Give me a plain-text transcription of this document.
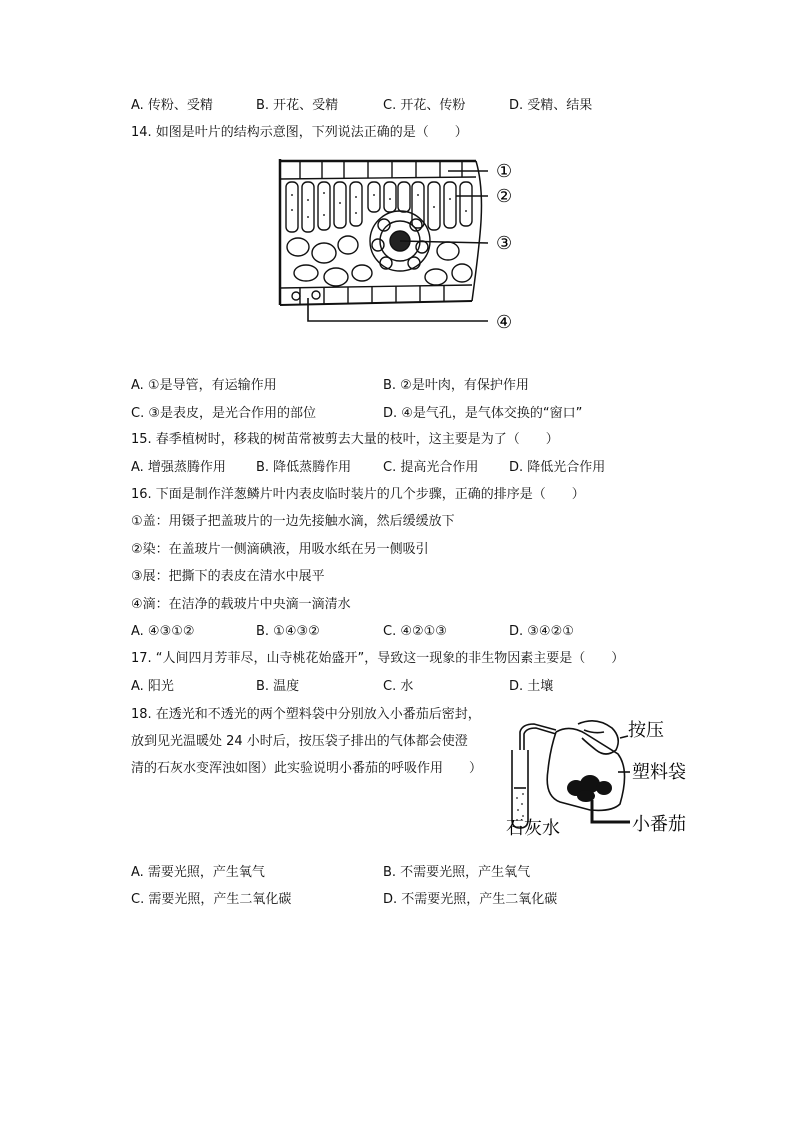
A. 传粉、受精	B. 开花、受精	C. 开花、传粉	D. 受精、结果
14. 如图是叶片的结构示意图，下列说法正确的是（　　）
①
②
③
④
A. ①是导管，有运输作用	B. ②是叶肉，有保护作用
C. ③是表皮，是光合作用的部位	D. ④是气孔，是气体交换的“窗口”
15. 春季植树时，移栽的树苗常被剪去大量的枝叶，这主要是为了（　　）
A. 增强蒸腾作用 B. 降低蒸腾作用 C. 提高光合作用 D. 降低光合作用
16. 下面是制作洋葱鳞片叶内表皮临时装片的几个步骤，正确的排序是（　　）
①盖：用镊子把盖玻片的一边先接触水滴，然后缓缓放下
②染：在盖玻片一侧滴碘液，用吸水纸在另一侧吸引
③展：把撕下的表皮在清水中展平
④滴：在洁净的载玻片中央滴一滴清水
A. ④③①②	B. ①④③②	C. ④②①③	D. ③④②①
17. “人间四月芳菲尽，山寺桃花始盛开”，导致这一现象的非生物因素主要是（　　）
A. 阳光	B. 温度	C. 水	D. 土壤
18. 在透光和不透光的两个塑料袋中分别放入小番茄后密封，
放到见光温暖处 24 小时后，按压袋子排出的气体都会使澄
清的石灰水变浑浊如图）此实验说明小番茄的呼吸作用　　）
按压
塑料袋
石灰水	小番茄
A. 需要光照，产生氧气	B. 不需要光照，产生氧气
C. 需要光照，产生二氧化碳	D. 不需要光照，产生二氧化碳
